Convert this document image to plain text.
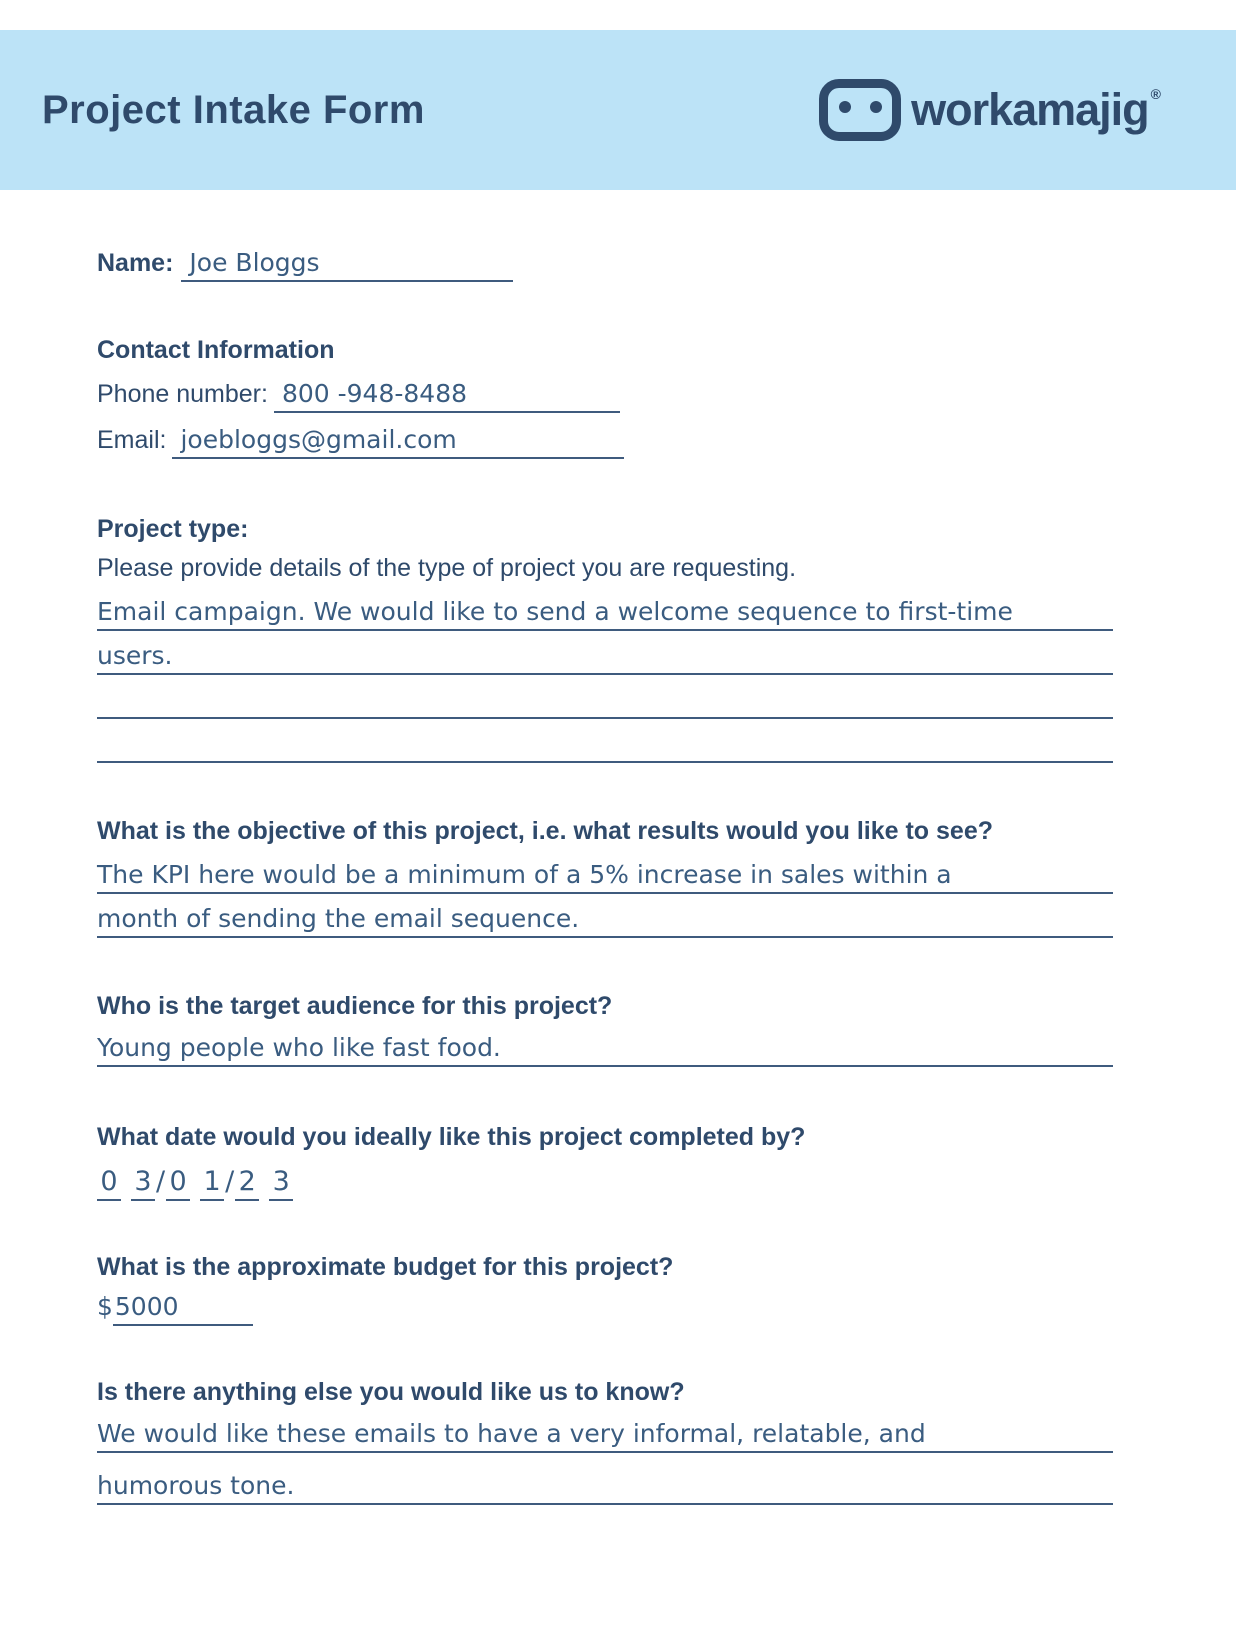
Project Intake Form	workamajig ®
Name: Joe Bloggs
Contact Information
Phone number: 800 -948-8488
Email: joebloggs@gmail.com
Project type:
Please provide details of the type of project you are requesting.
Email campaign. We would like to send a welcome sequence to first-time
users.
What is the objective of this project, i.e. what results would you like to see?
The KPI here would be a minimum of a 5% increase in sales within a
month of sending the email sequence.
Who is the target audience for this project?
Young people who like fast food.
What date would you ideally like this project completed by?
0 3 / 0 1 / 2 3
What is the approximate budget for this project?
$ 5000
Is there anything else you would like us to know?
We would like these emails to have a very informal, relatable, and
humorous tone.
